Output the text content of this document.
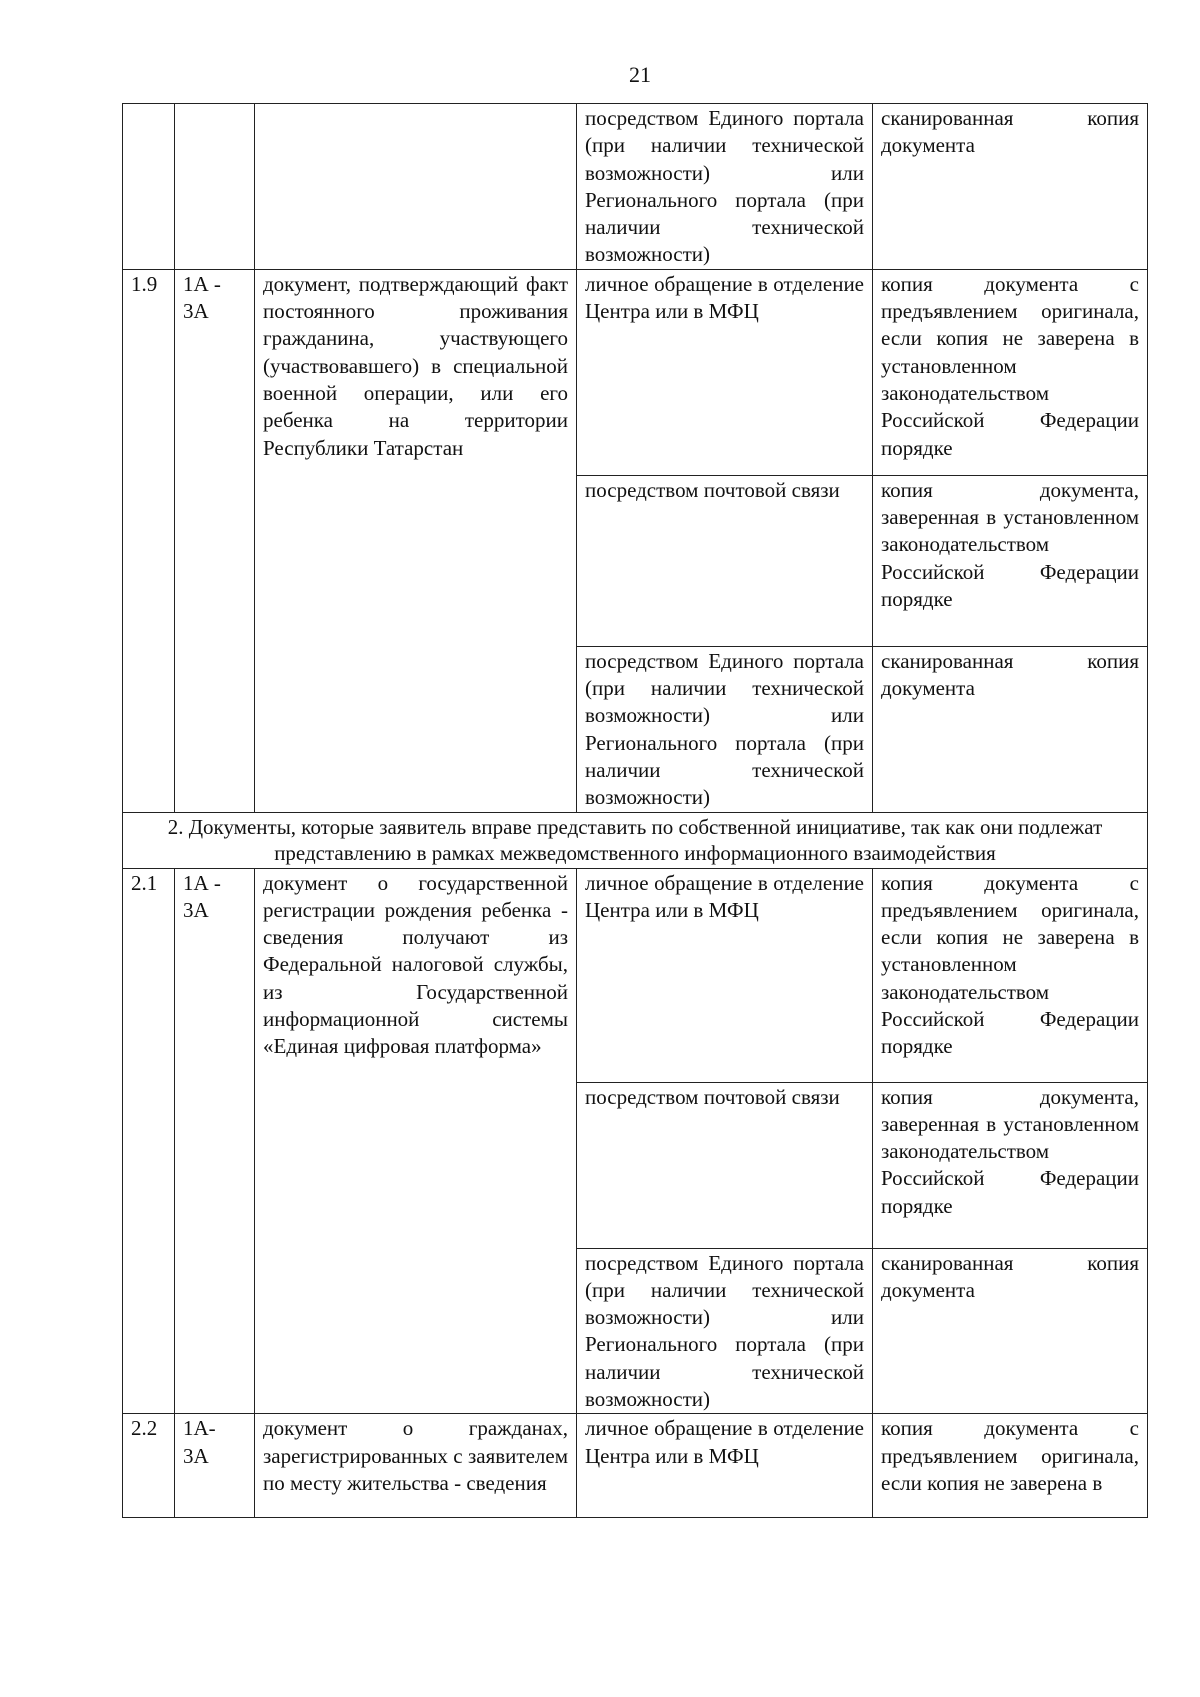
21
			посредством Единого портала (при наличии технической возможности) или Регионального портала (при наличии технической возможности)	сканированная копия документа
1.9	1А - 3А	документ, подтверждающий факт постоянного проживания гражданина, участвующего (участвовавшего) в специальной военной операции, или его ребенка на территории Республики Татарстан	личное обращение в отделение Центра или в МФЦ	копия документа с предъявлением оригинала, если копия не заверена в установленном законодательством Российской Федерации порядке
			посредством почтовой связи	копия документа, заверенная в установленном законодательством Российской Федерации порядке
			посредством Единого портала (при наличии технической возможности) или Регионального портала (при наличии технической возможности)	сканированная копия документа
2. Документы, которые заявитель вправе представить по собственной инициативе, так как они подлежат представлению в рамках межведомственного информационного взаимодействия				
2.1	1А - 3А	документ о государственной регистрации рождения ребенка - сведения получают из Федеральной налоговой службы, из Государственной информационной системы «Единая цифровая платформа»	личное обращение в отделение Центра или в МФЦ	копия документа с предъявлением оригинала, если копия не заверена в установленном законодательством Российской Федерации порядке
			посредством почтовой связи	копия документа, заверенная в установленном законодательством Российской Федерации порядке
			посредством Единого портала (при наличии технической возможности) или Регионального портала (при наличии технической возможности)	сканированная копия документа
2.2	1А- 3А	документ о гражданах, зарегистрированных с заявителем по месту жительства - сведения	личное обращение в отделение Центра или в МФЦ	копия документа с предъявлением оригинала, если копия не заверена в
